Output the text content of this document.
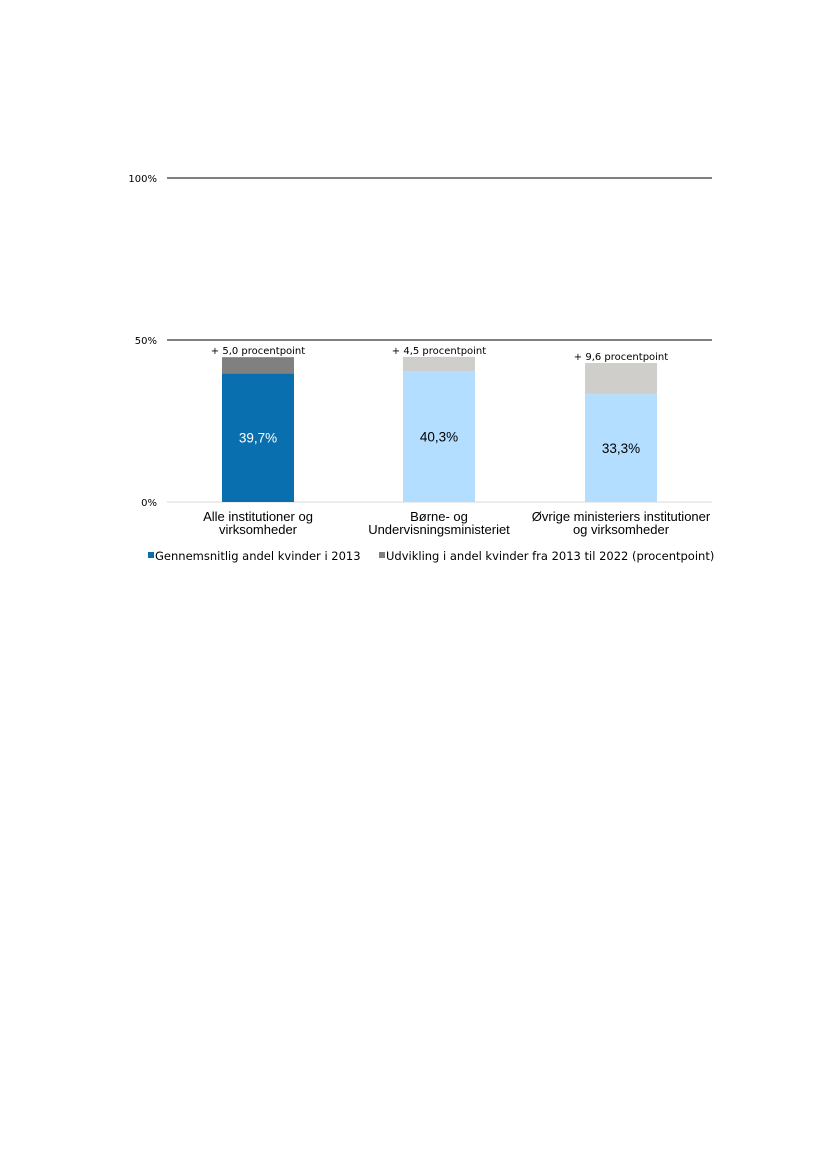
0%
50%
100%
39,7%
+ 5,0 procentpoint
40,3%
+ 4,5 procentpoint
33,3%
+ 9,6 procentpoint
Alle institutioner og
virksomheder
Børne- og
Undervisningsministeriet
Øvrige ministeriers institutioner
og virksomheder
Gennemsnitlig andel kvinder i 2013 Udvikling i andel kvinder fra 2013 til 2022 (procentpoint)
